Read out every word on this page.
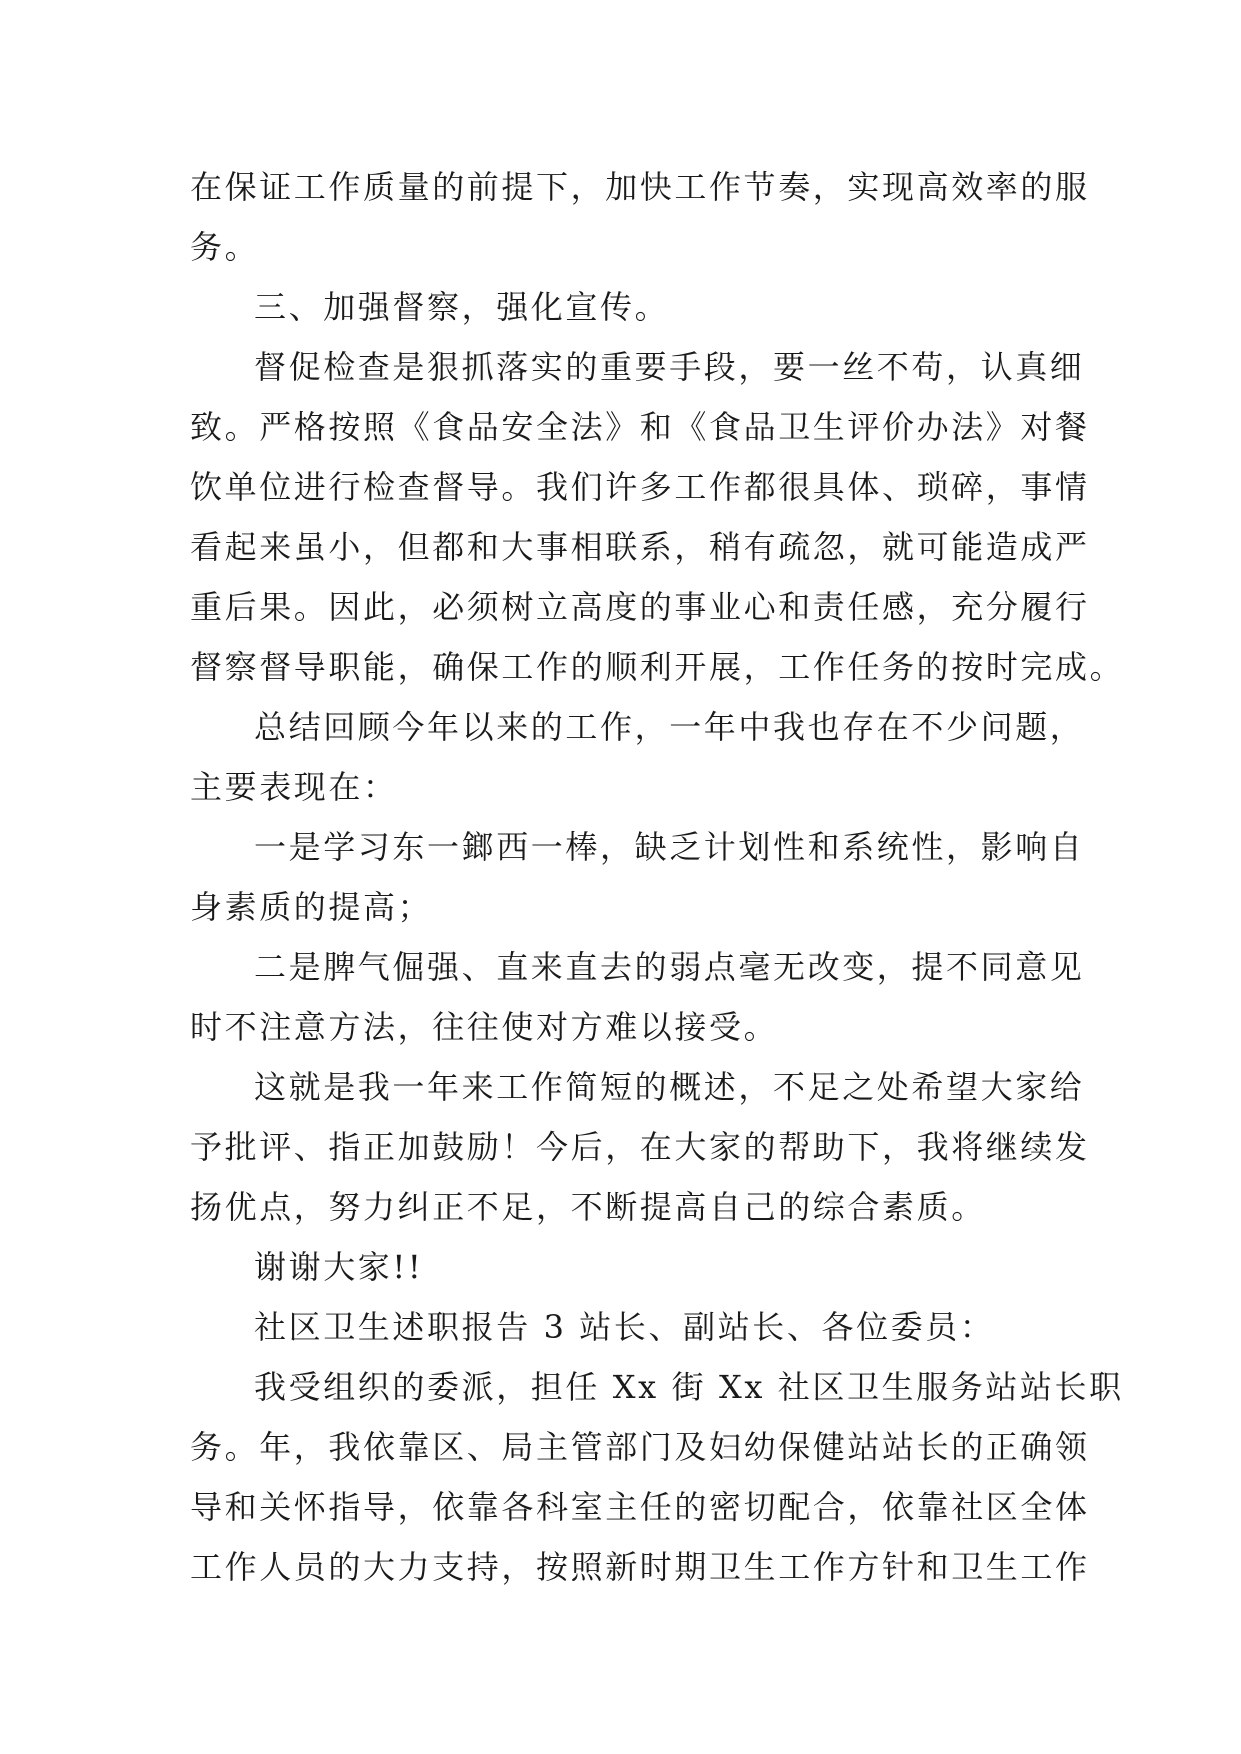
在保证工作质量的前提下，加快工作节奏，实现高效率的服
务。
三、加强督察，强化宣传。
督促检查是狠抓落实的重要手段，要一丝不苟，认真细
致。严格按照《食品安全法》和《食品卫生评价办法》对餐
饮单位进行检查督导。我们许多工作都很具体、琐碎，事情
看起来虽小，但都和大事相联系，稍有疏忽，就可能造成严
重后果。因此，必须树立高度的事业心和责任感，充分履行
督察督导职能，确保工作的顺利开展，工作任务的按时完成。
总结回顾今年以来的工作，一年中我也存在不少问题，
主要表现在：
一是学习东一鎯西一棒，缺乏计划性和系统性，影响自
身素质的提高；
二是脾气倔强、直来直去的弱点毫无改变，提不同意见
时不注意方法，往往使对方难以接受。
这就是我一年来工作简短的概述，不足之处希望大家给
予批评、指正加鼓励！今后，在大家的帮助下，我将继续发
扬优点，努力纠正不足，不断提高自己的综合素质。
谢谢大家!!
社区卫生述职报告 3 站长、副站长、各位委员：
我受组织的委派，担任 Xx 街 Xx 社区卫生服务站站长职
务。年，我依靠区、局主管部门及妇幼保健站站长的正确领
导和关怀指导，依靠各科室主任的密切配合，依靠社区全体
工作人员的大力支持，按照新时期卫生工作方针和卫生工作
